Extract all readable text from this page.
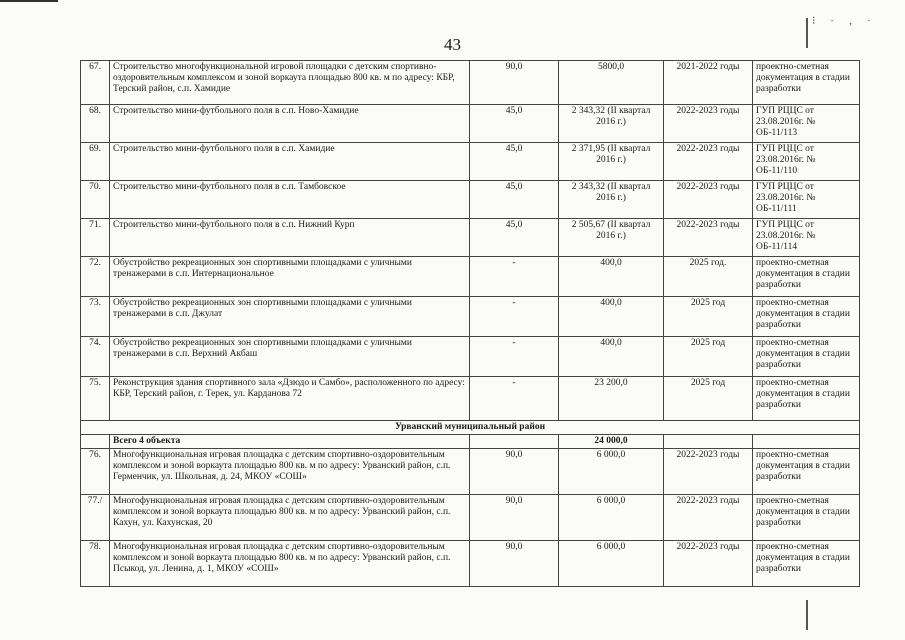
⁝ · ‚ ·
43
67.	Строительство многофункциональной игровой площадки с детским спортивно-оздоровительным комплексом и зоной воркаута площадью 800 кв. м по адресу: КБР, Терский район, с.п. Хамидие	90,0	5800,0	2021-2022 годы	проектно-сметная документация в стадии разработки
68.	Строительство мини-футбольного поля в с.п. Ново-Хамидие	45,0	2 343,32 (II квартал 2016 г.)	2022-2023 годы	ГУП РЦЦС от 23.08.2016г. № ОБ-11/113
69.	Строительство мини-футбольного поля в с.п. Хамидие	45,0	2 371,95 (II квартал 2016 г.)	2022-2023 годы	ГУП РЦЦС от 23.08.2016г. № ОБ-11/110
70.	Строительство мини-футбольного поля в с.п. Тамбовское	45,0	2 343,32 (II квартал 2016 г.)	2022-2023 годы	ГУП РЦЦС от 23.08.2016г. № ОБ-11/111
71.	Строительство мини-футбольного поля в с.п. Нижний Курп	45,0	2 505,67 (II квартал 2016 г.)	2022-2023 годы	ГУП РЦЦС от 23.08.2016г. № ОБ-11/114
72.	Обустройство рекреационных зон спортивными площадками с уличными тренажерами в с.п. Интернациональное	-	400,0	2025 год.	проектно-сметная документация в стадии разработки
73.	Обустройство рекреационных зон спортивными площадками с уличными тренажерами в с.п. Джулат	-	400,0	2025 год	проектно-сметная документация в стадии разработки
74.	Обустройство рекреационных зон спортивными площадками с уличными тренажерами в с.п. Верхний Акбаш	-	400,0	2025 год	проектно-сметная документация в стадии разработки
75.	Реконструкция здания спортивного зала «Дзюдо и Самбо», расположенного по адресу: КБР, Терский район, г. Терек, ул. Карданова 72	-	23 200,0	2025 год	проектно-сметная документация в стадии разработки
Урванский муниципальный район					
	Всего 4 объекта		24 000,0		
76.	Многофункциональная игровая площадка с детским спортивно-оздоровительным комплексом и зоной воркаута площадью 800 кв. м по адресу: Урванский район, с.п. Герменчик, ул. Школьная, д. 24, МКОУ «СОШ»	90,0	6 000,0	2022-2023 годы	проектно-сметная документация в стадии разработки
77./	Многофункциональная игровая площадка с детским спортивно-оздоровительным комплексом и зоной воркаута площадью 800 кв. м по адресу: Урванский район, с.п. Кахун, ул. Кахунская, 20	90,0	6 000,0	2022-2023 годы	проектно-сметная документация в стадии разработки
78.	Многофункциональная игровая площадка с детским спортивно-оздоровительным комплексом и зоной воркаута площадью 800 кв. м по адресу: Урванский район, с.п. Псыкод, ул. Ленина, д. 1, МКОУ «СОШ»	90,0	6 000,0	2022-2023 годы	проектно-сметная документация в стадии разработки
